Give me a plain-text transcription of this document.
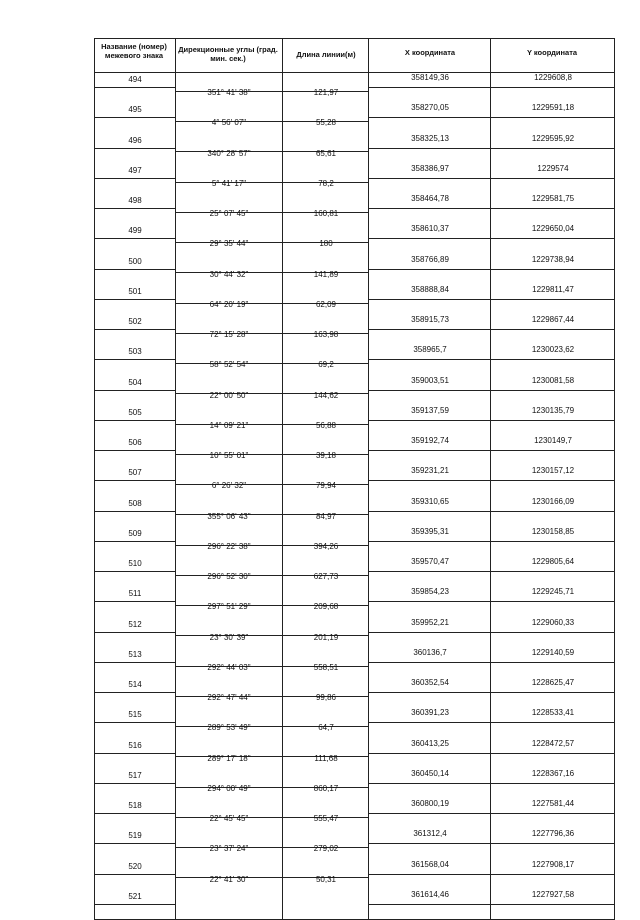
Название (номер) межевого знака
Дирекционные углы (град. мин. сек.)	Длина линии(м)	X координата	Y координата
494	358149,36	1229608,8
351° 41' 38"	121,97
495	358270,05	1229591,18
4° 56' 07"	55,28
496	358325,13	1229595,92
340° 28' 57"	65,61
497	358386,97	1229574
5° 41' 17"	78,2
498	358464,78	1229581,75
25° 07' 45"	160,81
499	358610,37	1229650,04
29° 35' 44"	180
500	358766,89	1229738,94
30° 44' 32"	141,89
501	358888,84	1229811,47
64° 20' 19"	62,09
502	358915,73	1229867,44
72° 15' 28"	163,98
503	358965,7	1230023,62
58° 52' 54"	69,2
504	359003,51	1230081,58
22° 00' 50"	144,62
505	359137,59	1230135,79
14° 09' 21"	56,88
506	359192,74	1230149,7
10° 55' 01"	39,18
507	359231,21	1230157,12
6° 26' 32"	79,94
508	359310,65	1230166,09
355° 06' 43"	84,97
509	359395,31	1230158,85
296° 22' 38"	394,26
510	359570,47	1229805,64
296° 52' 30"	627,73
511	359854,23	1229245,71
297° 51' 29"	209,68
512	359952,21	1229060,33
23° 30' 39"	201,19
513	360136,7	1229140,59
292° 44' 03"	558,51
514	360352,54	1228625,47
292° 47' 44"	99,86
515	360391,23	1228533,41
289° 53' 49"	64,7
516	360413,25	1228472,57
289° 17' 18"	111,68
517	360450,14	1228367,16
294° 00' 49"	860,17
518	360800,19	1227581,44
22° 45' 45"	555,47
519	361312,4	1227796,36
23° 37' 24"	279,02
520	361568,04	1227908,17
22° 41' 30"	50,31
521	361614,46	1227927,58
